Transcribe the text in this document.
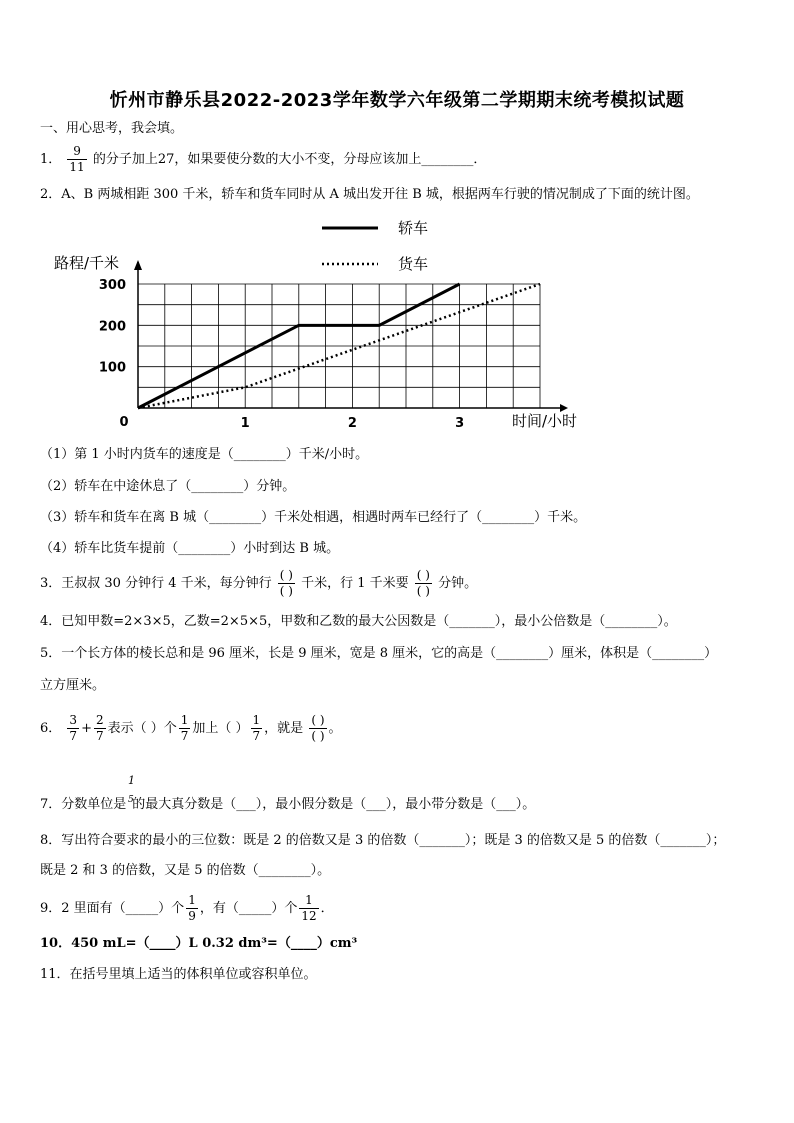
忻州市静乐县2022-2023学年数学六年级第二学期期末统考模拟试题
一、用心思考，我会填。
1． $\frac{9}{11}$ 的分子加上27，如果要使分数的大小不变，分母应该加上________．
2．A、B 两城相距 300 千米，轿车和货车同时从 A 城出发开往 B 城，根据两车行驶的情况制成了下面的统计图。
路程/千米
时间/小时
100
200
300
0	1	2	3
轿车
货车
（1）第 1 小时内货车的速度是（________）千米/小时。
（2）轿车在中途休息了（________）分钟。
（3）轿车和货车在离 B 城（________）千米处相遇，相遇时两车已经行了（________）千米。
（4）轿车比货车提前（________）小时到达 B 城。
3．王叔叔 30 分钟行 4 千米，每分钟行 $\frac{( )}{( )}$ 千米，行 1 千米要 $\frac{( )}{( )}$ 分钟。
4．已知甲数=2×3×5，乙数=2×5×5，甲数和乙数的最大公因数是（_______），最小公倍数是（________）。
5．一个长方体的棱长总和是 96 厘米，长是 9 厘米，宽是 8 厘米，它的高是（________）厘米，体积是（________）
立方厘米。
6． $\frac{3}{7} + \frac{2}{7}$ 表示（ ）个 $\frac{1}{7}$ 加上（ ） $\frac{1}{7}$ ，就是 $\frac{( )}{( )}$ 。
1
5
7．分数单位是 的最大真分数是（___），最小假分数是（___），最小带分数是（___）。
8．写出符合要求的最小的三位数：既是 2 的倍数又是 3 的倍数（_______）；既是 3 的倍数又是 5 的倍数（_______）；
既是 2 和 3 的倍数，又是 5 的倍数（________）。
9．2 里面有（_____）个 $\frac{1}{9}$ ，有（_____）个 $\frac{1}{12}$ ．
10．450 mL=（____）L 0.32 dm³=（____）cm³
11．在括号里填上适当的体积单位或容积单位。
